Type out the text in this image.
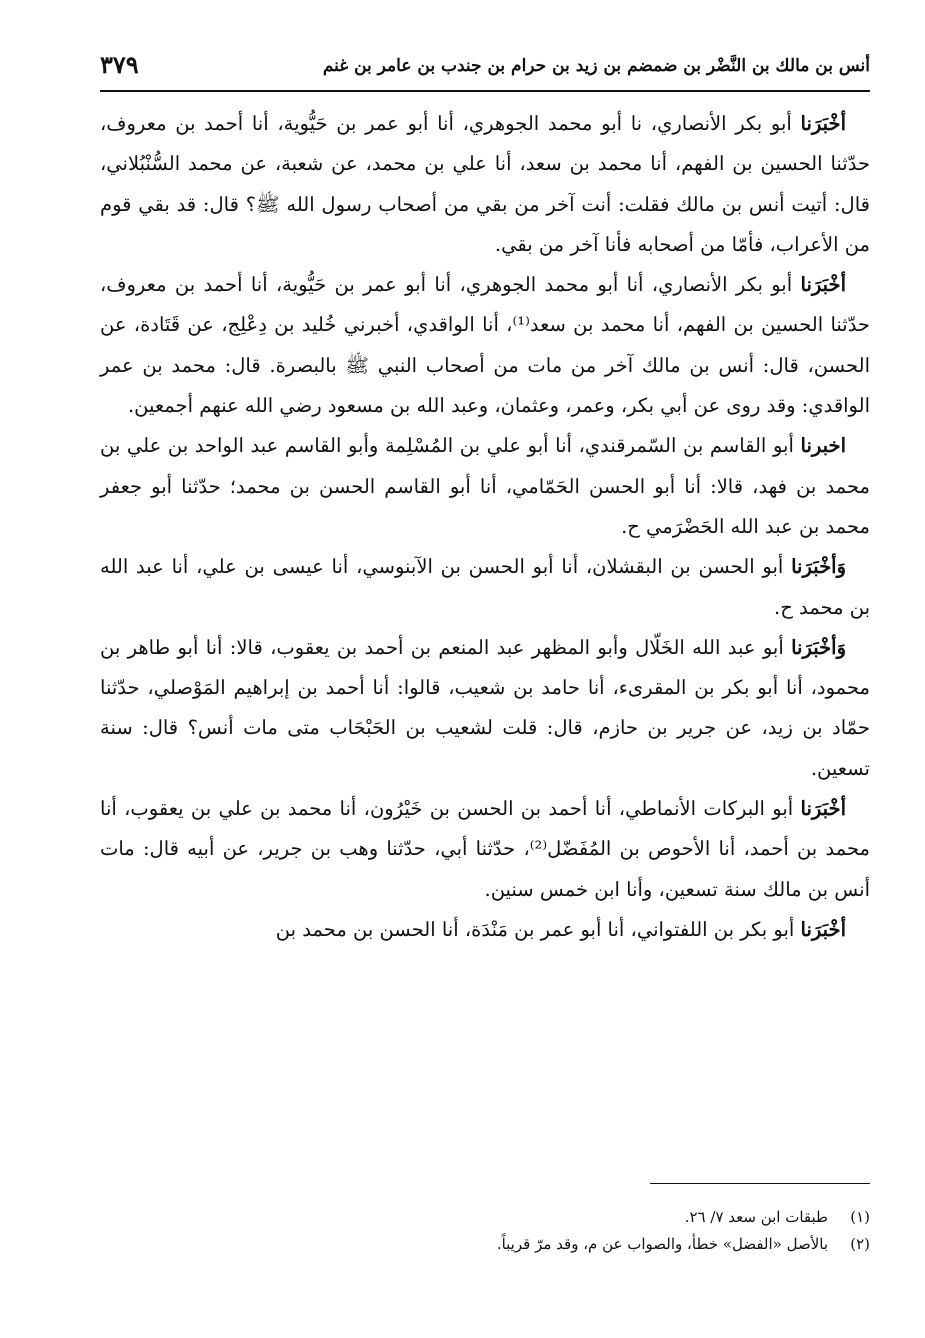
أنس بن مالك بن النَّضْر بن ضمضم بن زيد بن حرام بن جندب بن عامر بن غنم
٣٧٩

أخْبَرَنا أبو بكر الأنصاري، نا أبو محمد الجوهري، أنا أبو عمر بن حَيُّوية، أنا أحمد بن معروف، حدّثنا الحسين بن الفهم، أنا محمد بن سعد، أنا علي بن محمد، عن شعبة، عن محمد السُّنْبُلاني، قال: أتيت أنس بن مالك فقلت: أنت آخر من بقي من أصحاب رسول الله ﷺ؟ قال: قد بقي قوم من الأعراب، فأمّا من أصحابه فأنا آخر من بقي.

أخْبَرَنا أبو بكر الأنصاري، أنا أبو محمد الجوهري، أنا أبو عمر بن حَيُّوية، أنا أحمد بن معروف، حدّثنا الحسين بن الفهم، أنا محمد بن سعد⁽¹⁾، أنا الواقدي، أخبرني خُليد بن دِعْلِج، عن قَتَادة، عن الحسن، قال: أنس بن مالك آخر من مات من أصحاب النبي ﷺ بالبصرة. قال: محمد بن عمر الواقدي: وقد روى عن أبي بكر، وعمر، وعثمان، وعبد الله بن مسعود رضي الله عنهم أجمعين.

اخبرنا أبو القاسم بن السّمرقندي، أنا أبو علي بن المُسْلِمة وأبو القاسم عبد الواحد بن علي بن محمد بن فهد، قالا: أنا أبو الحسن الحَمّامي، أنا أبو القاسم الحسن بن محمد؛ حدّثنا أبو جعفر محمد بن عبد الله الحَضْرَمي ح.

وَأخْبَرَنا أبو الحسن بن البقشلان، أنا أبو الحسن بن الآبنوسي، أنا عيسى بن علي، أنا عبد الله بن محمد ح.

وَأخْبَرَنا أبو عبد الله الخَلّال وأبو المظهر عبد المنعم بن أحمد بن يعقوب، قالا: أنا أبو طاهر بن محمود، أنا أبو بكر بن المقرىء، أنا حامد بن شعيب، قالوا: أنا أحمد بن إبراهيم المَوْصلي، حدّثنا حمّاد بن زيد، عن جرير بن حازم، قال: قلت لشعيب بن الحَبْحَاب متى مات أنس؟ قال: سنة تسعين.

أخْبَرَنا أبو البركات الأنماطي، أنا أحمد بن الحسن بن خَيْرُون، أنا محمد بن علي بن يعقوب، أنا محمد بن أحمد، أنا الأحوص بن المُفَضّل⁽²⁾، حدّثنا أبي، حدّثنا وهب بن جرير، عن أبيه قال: مات أنس بن مالك سنة تسعين، وأنا ابن خمس سنين.

أخْبَرَنا أبو بكر بن اللفتواني، أنا أبو عمر بن مَنْدَة، أنا الحسن بن محمد بن

(١)طبقات ابن سعد ٧/ ٢٦.

(٢)بالأصل «الفضل» خطأ، والصواب عن م، وقد مرّ قريباً.
